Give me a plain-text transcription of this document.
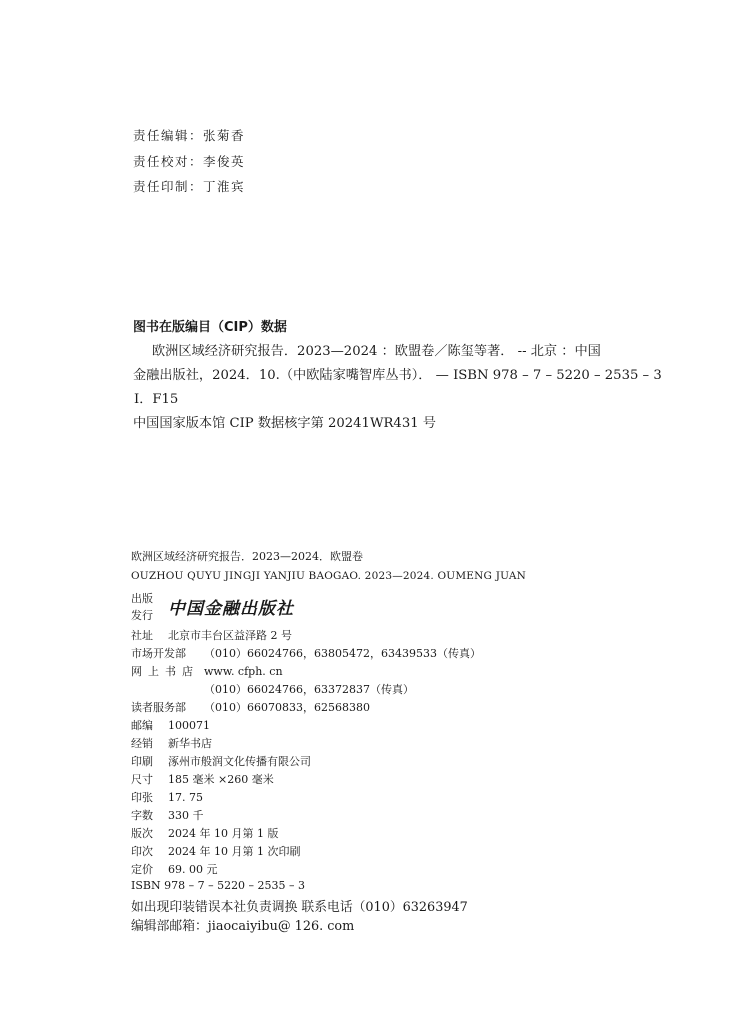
责任编辑：张菊香
责任校对：李俊英
责任印制：丁淮宾
图书在版编目（CIP）数据
欧洲区域经济研究报告．2023—2024 ：欧盟卷／陈玺等著． -- 北京 ：中国
金融出版社，2024．10.（中欧陆家嘴智库丛书）． — ISBN 978 – 7 – 5220 – 2535 – 3
Ⅰ．F15
中国国家版本馆 CIP 数据核字第 20241WR431 号
欧洲区域经济研究报告．2023—2024．欧盟卷
OUZHOU QUYU JINGJI YANJIU BAOGAO. 2023—2024. OUMENG JUAN
出版
发行 中国金融出版社
社址 北京市丰台区益泽路 2 号
市场开发部 （010）66024766，63805472，63439533（传真）
网上书店 www. cfph. cn
（010）66024766，63372837（传真）
读者服务部 （010）66070833，62568380
邮编 100071
经销 新华书店
印刷 涿州市般润文化传播有限公司
尺寸 185 毫米 ×260 毫米
印张 17. 75
字数 330 千
版次 2024 年 10 月第 1 版
印次 2024 年 10 月第 1 次印刷
定价 69. 00 元
ISBN 978 – 7 – 5220 – 2535 – 3
如出现印装错误本社负责调换 联系电话（010）63263947
编辑部邮箱：jiaocaiyibu@ 126. com
